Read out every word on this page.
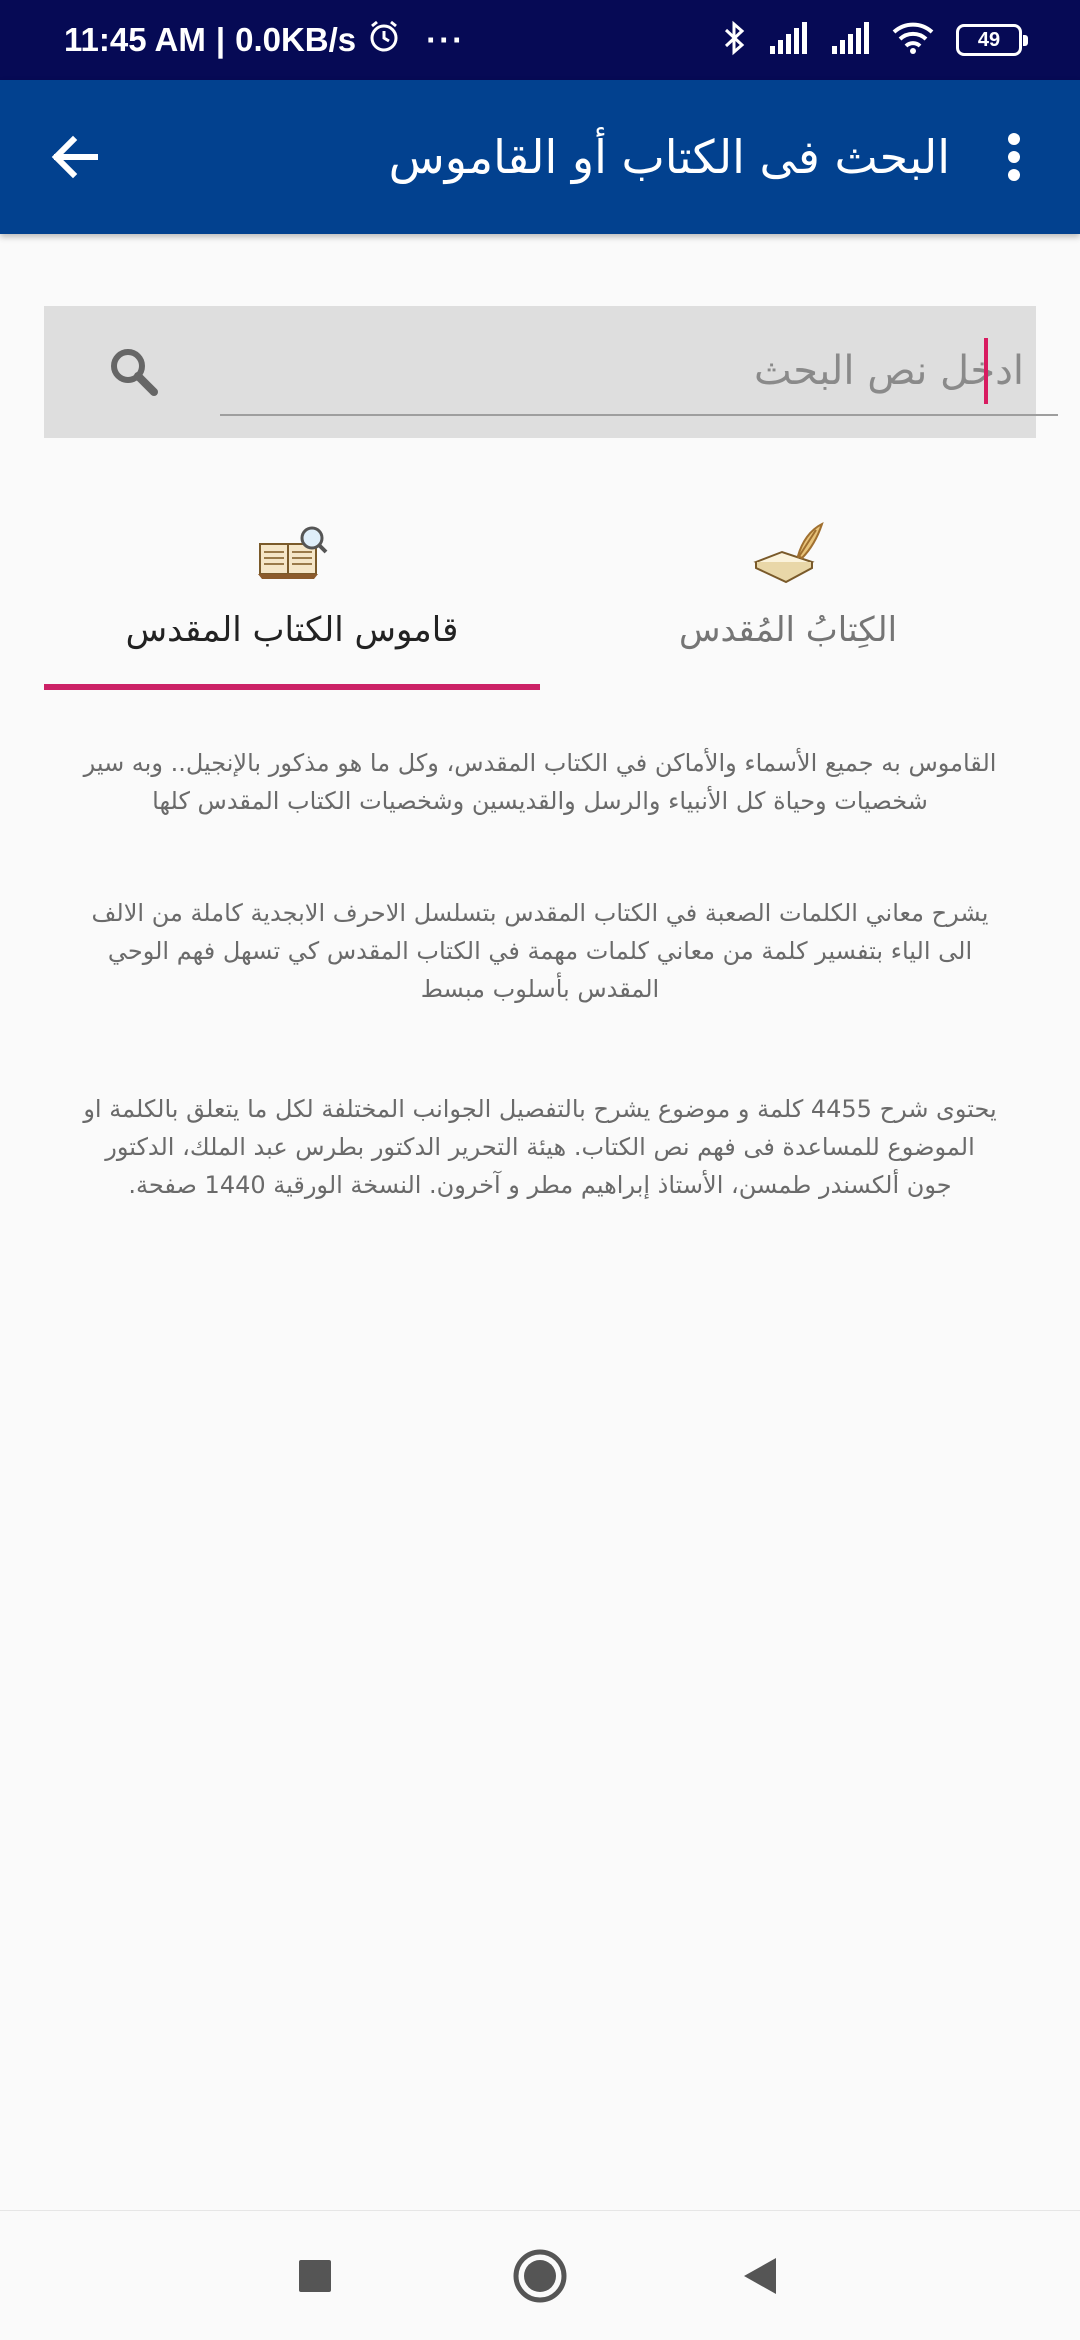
11:45 AM | 0.0KB/s ···	49
البحث فى الكتاب أو القاموس
ادخل نص البحث
قاموس الكتاب المقدس	الكِتابُ المُقدس

القاموس به جميع الأسماء والأماكن في الكتاب المقدس، وكل ما هو مذكور بالإنجيل.. وبه سير شخصيات وحياة كل الأنبياء والرسل والقديسين وشخصيات الكتاب المقدس كلها

يشرح معاني الكلمات الصعبة في الكتاب المقدس بتسلسل الاحرف الابجدية كاملة من الالف الى الياء بتفسير كلمة من معاني كلمات مهمة في الكتاب المقدس كي تسهل فهم الوحي المقدس بأسلوب مبسط

يحتوى شرح 4455 كلمة و موضوع يشرح بالتفصيل الجوانب المختلفة لكل ما يتعلق بالكلمة او الموضوع للمساعدة فى فهم نص الكتاب. هيئة التحرير الدكتور بطرس عبد الملك، الدكتور جون ألكسندر طمسن، الأستاذ إبراهيم مطر و آخرون. النسخة الورقية 1440 صفحة.
